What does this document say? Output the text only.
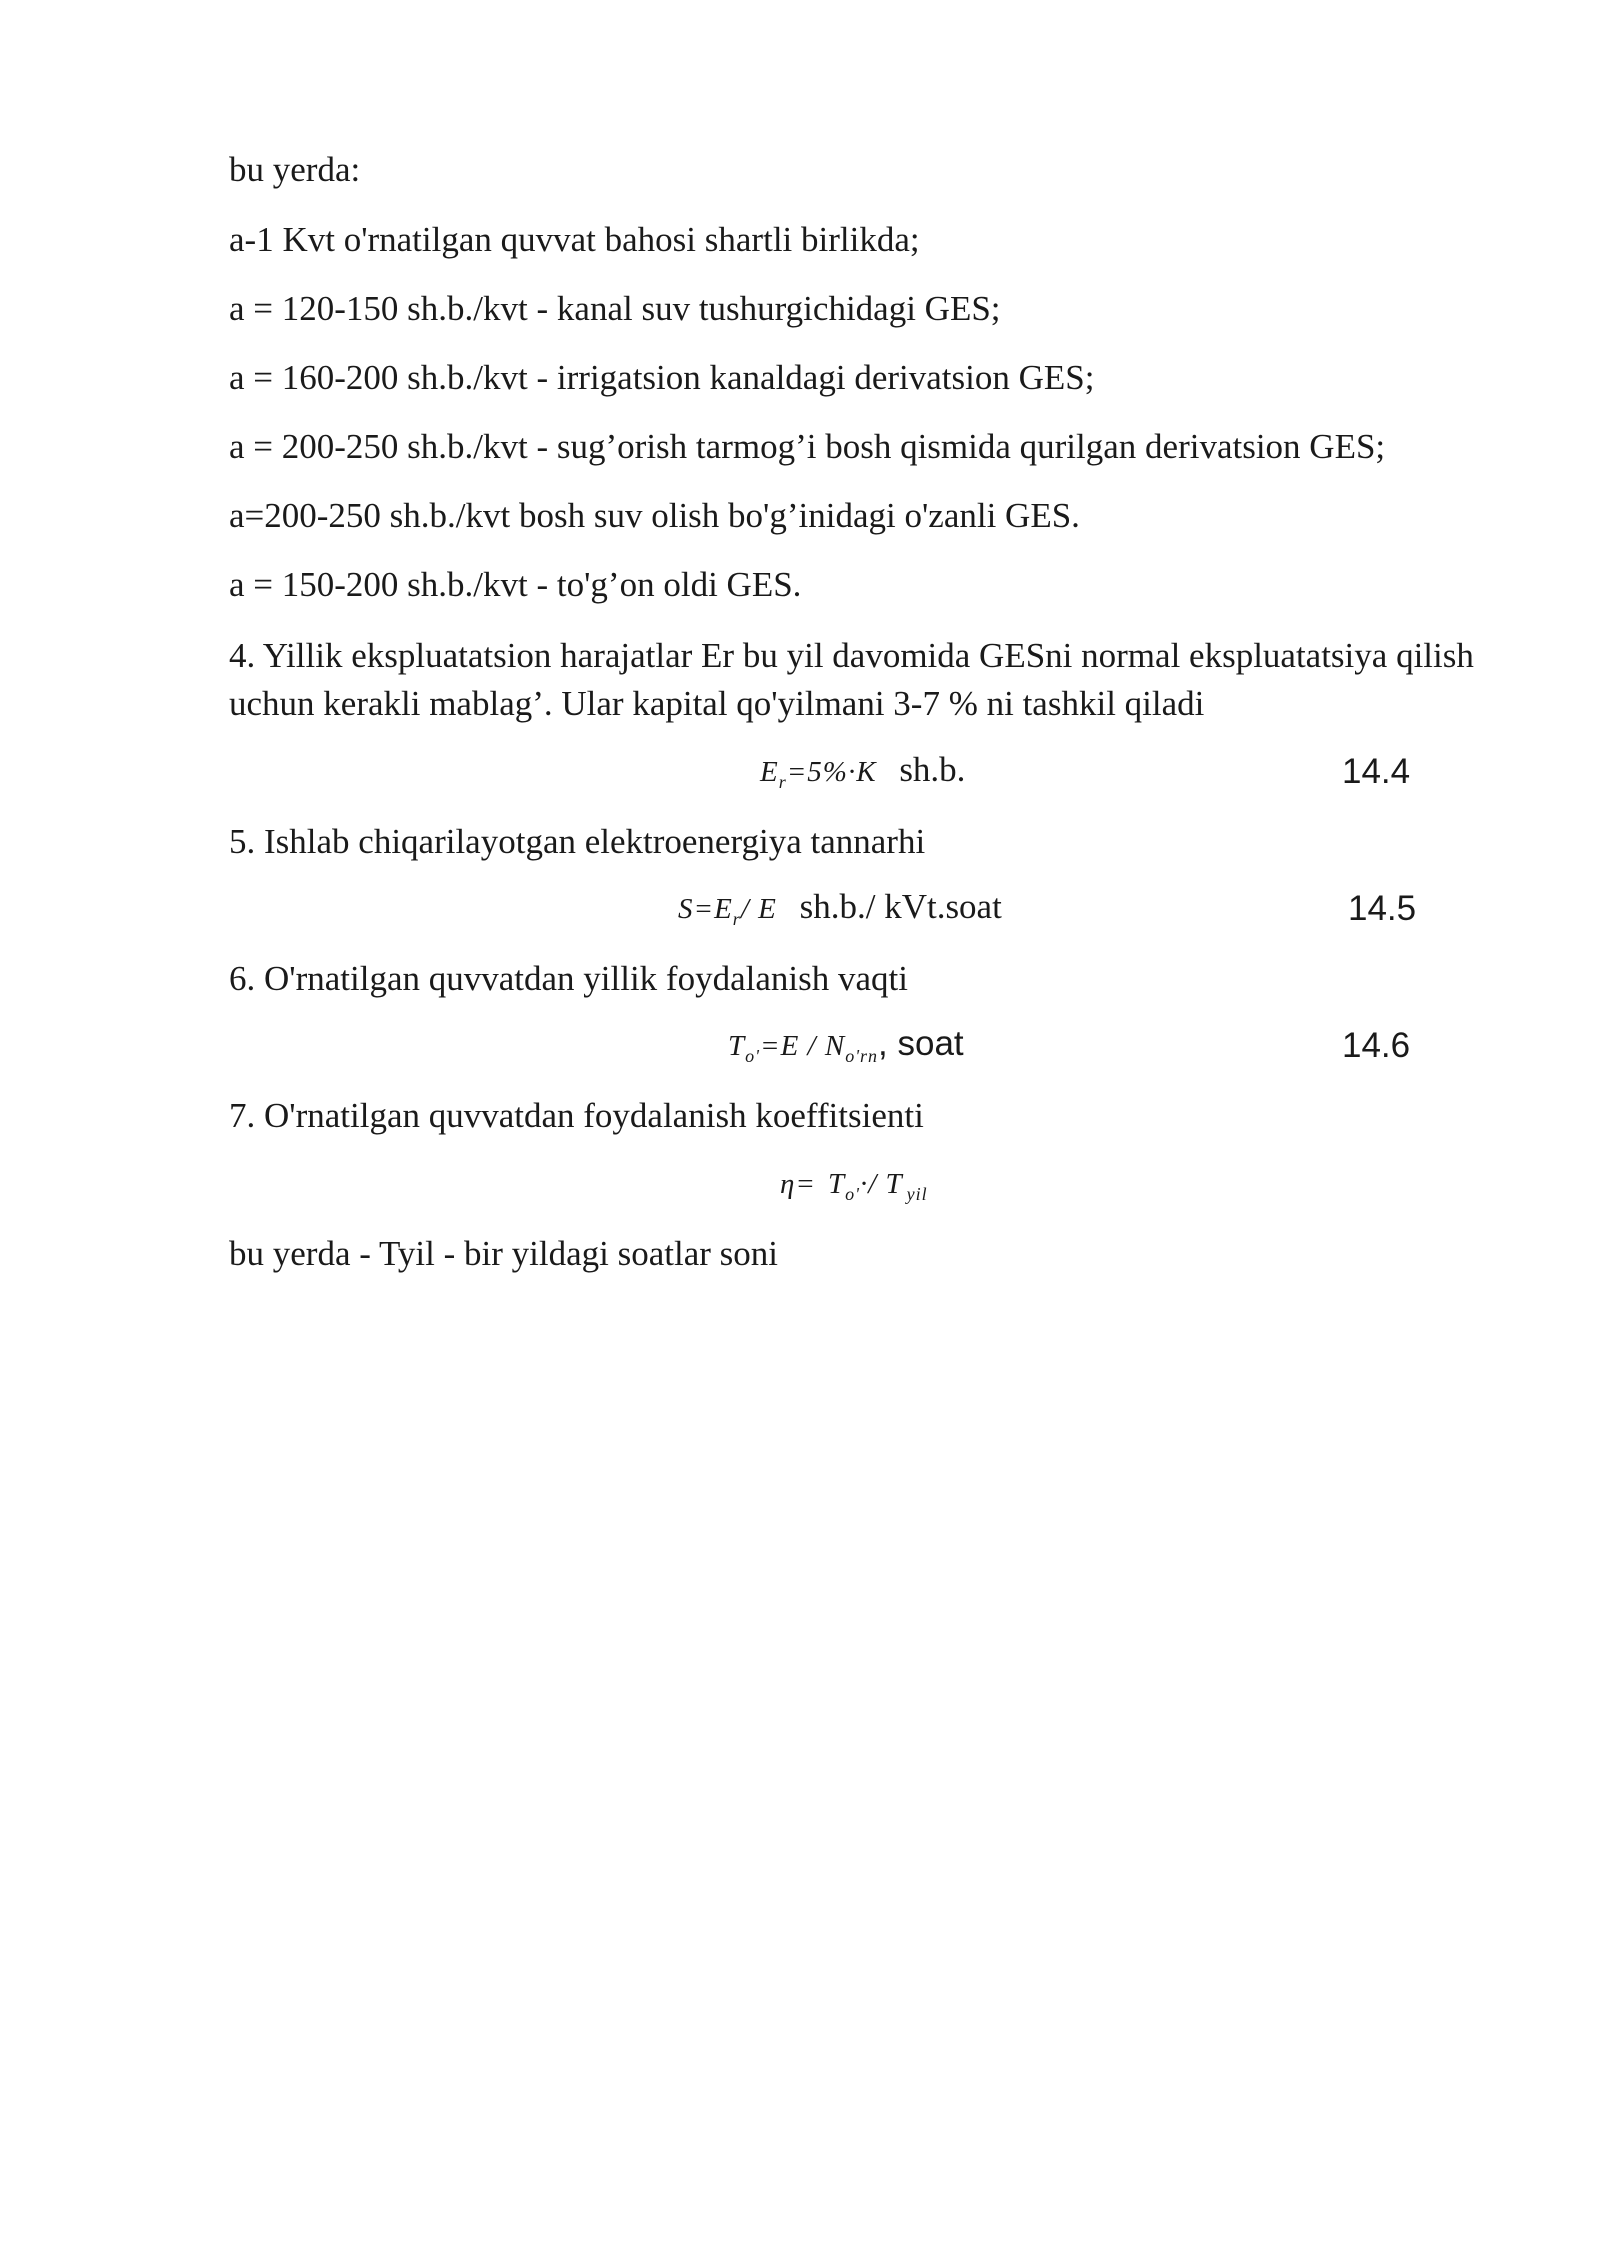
bu yerda:
a-1 Kvt o'rnatilgan quvvat bahosi shartli birlikda;
a = 120-150 sh.b./kvt - kanal suv tushurgichidagi GES;
a = 160-200 sh.b./kvt - irrigatsion kanaldagi derivatsion GES;
a = 200-250 sh.b./kvt - sug’orish tarmog’i bosh qismida qurilgan derivatsion GES;
a=200-250 sh.b./kvt bosh suv olish bo'g’inidagi o'zanli GES.
a = 150-200 sh.b./kvt - to'g’on oldi GES.
4. Yillik ekspluatatsion harajatlar Er bu yil davomida GESni normal ekspluatatsiya qilish uchun kerakli mablag’. Ular kapital qo'yilmani 3-7 % ni tashkil qiladi
$E_r=5\%\cdot K$ sh.b.	14.4
5. Ishlab chiqarilayotgan elektroenergiya tannarhi
$S=E_r/$ E sh.b./ kVt.soat	14.5
6. O'rnatilgan quvvatdan yillik foydalanish vaqti
$T_{o'}=E / N_{o'rn}$, soat	14.6
7. O'rnatilgan quvvatdan foydalanish koeffitsienti
$\eta= T_{o'}\cdot/$ T $_{yil}$
bu yerda - Tyil - bir yildagi soatlar soni
